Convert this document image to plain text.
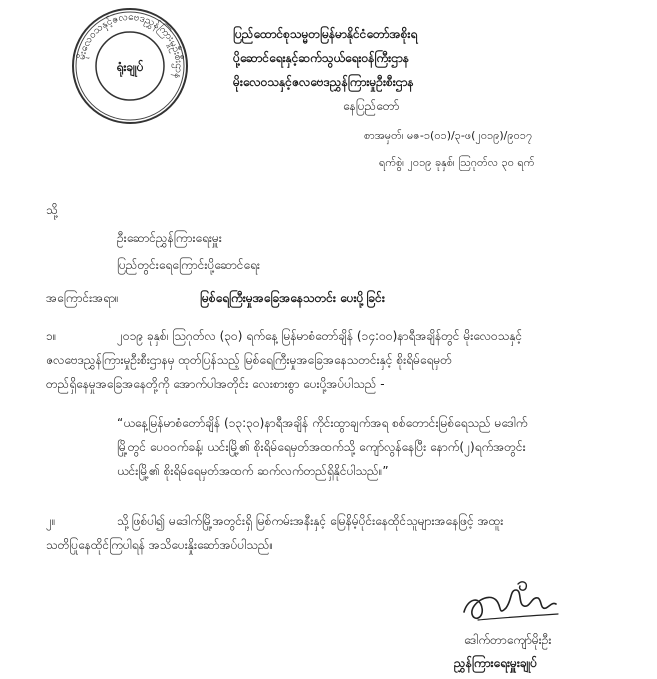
မိုးလေဝသနှင့်ဇလဗေဒညွှန်ကြားမှုဦးစီးဌာန
ရုံးချုပ်
ပြည်ထောင်စုသမ္မတမြန်မာနိုင်ငံတော်အစိုးရ
ပို့ဆောင်ရေးနှင့်ဆက်သွယ်ရေးဝန်ကြီးဌာန
မိုးလေဝသနှင့်ဇလဗေဒညွှန်ကြားမှုဦးစီးဌာန
နေပြည်တော်
စာအမှတ်၊ မဇ-၁(၀၁)/၃-ဖ(၂၀၁၉)/၉၀၁၇
ရက်စွဲ၊ ၂၀၁၉ ခုနှစ်၊ ဩဂုတ်လ ၃၀ ရက်
သို့
ဦးဆောင်ညွှန်ကြားရေးမှူး
ပြည်တွင်းရေကြောင်းပို့ဆောင်ရေး
အကြောင်းအရာ။	မြစ်ရေကြီးမှုအခြေအနေသတင်း ပေးပို့ခြင်း
၁။	၂၀၁၉ ခုနှစ်၊ ဩဂုတ်လ (၃၀) ရက်နေ့ မြန်မာစံတော်ချိန် (၁၄:၀၀)နာရီအချိန်တွင် မိုးလေဝသနှင့်
ဇလဗေဒညွှန်ကြားမှုဦးစီးဌာနမှ ထုတ်ပြန်သည့် မြစ်ရေကြီးမှုအခြေအနေသတင်းနှင့် စိုးရိမ်ရေမှတ်
တည်ရှိနေမှုအခြေအနေတို့ကို အောက်ပါအတိုင်း လေးစားစွာ ပေးပို့အပ်ပါသည် -
“ယနေ့မြန်မာစံတော်ချိန် (၁၃:၃၀)နာရီအချိန် ကိုင်းထွာချက်အရ စစ်တောင်းမြစ်ရေသည် မဒေါက်
မြို့တွင် ပေ၀ဝက်ခန့်၊ ယင်းမြို့၏ စိုးရိမ်ရေမှတ်အထက်သို့ ကျော်လွန်နေပြီး နောက်(၂)ရက်အတွင်း
ယင်းမြို့၏ စိုးရိမ်ရေမှတ်အထက် ဆက်လက်တည်ရှိနိုင်ပါသည်။”
၂။	သို့ဖြစ်ပါ၍ မဒေါက်မြို့အတွင်းရှိ မြစ်ကမ်းအနီးနှင့် မြေနိမ့်ပိုင်းနေထိုင်သူများအနေဖြင့် အထူး
သတိပြုနေထိုင်ကြပါရန် အသိပေးနှိုးဆော်အပ်ပါသည်။
ဒေါက်တာကျော်မိုးဦး
ညွှန်ကြားရေးမှူးချုပ်
